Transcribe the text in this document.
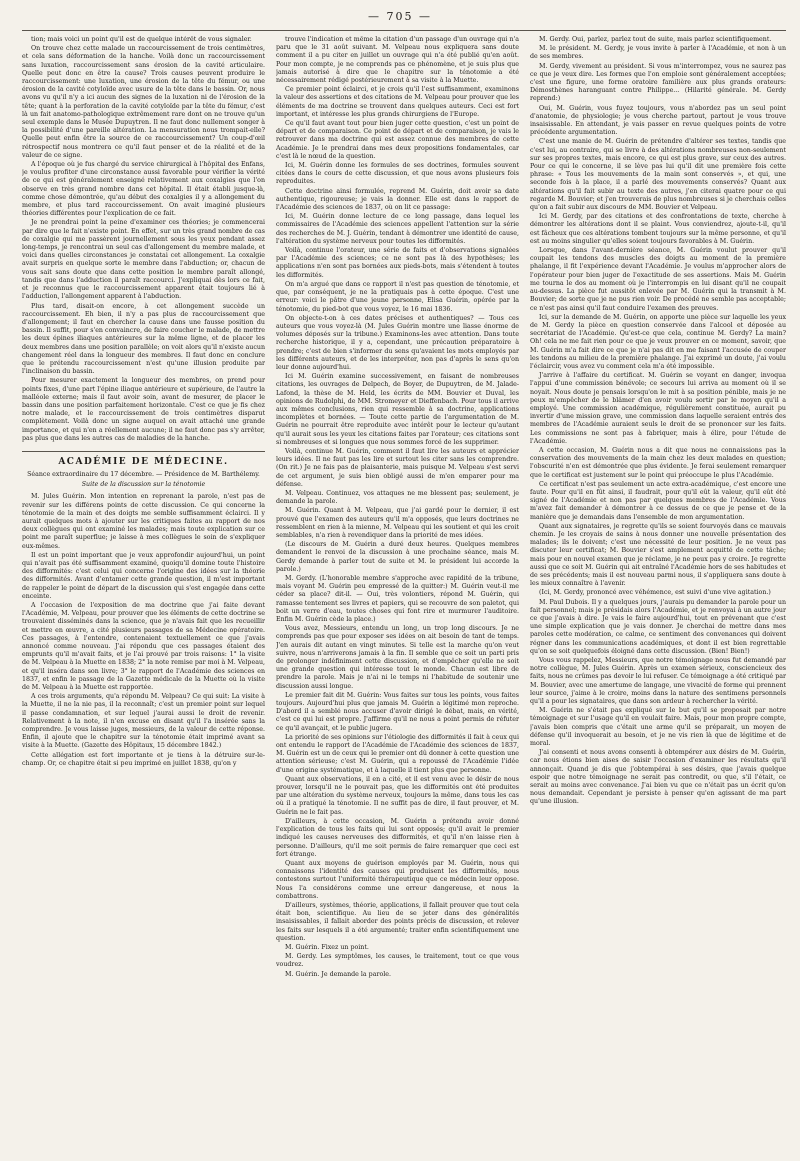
— 705 —

tion; mais voici un point qu'il est de quelque intérêt de vous signaler.

On trouve chez cette malade un raccourcissement de trois centimètres, et cela sans déformation de la hanche. Voilà donc un raccourcissement sans luxation, raccourcissement sans érosion de la cavité articulaire. Quelle peut donc en être la cause? Trois causes peuvent produire le raccourcissement: une luxation, une érosion de la tête du fémur, ou une érosion de la cavité cotyloïde avec usure de la tête dans le bassin. Or, nous avons vu qu'il n'y a ici aucun des signes de la luxation ni de l'érosion de la tête; quant à la perforation de la cavité cotyloïde par la tête du fémur, c'est là un fait anatomo-pathologique extrêmement rare dont on ne trouve qu'un seul exemple dans le Musée Dupuytren. Il ne faut donc nullement songer à la possibilité d'une pareille altération. La mensuration nous trompait-elle? Quelle peut enfin être la source de ce raccourcissement? Un coup-d'œil rétrospectif nous montrera ce qu'il faut penser et de la réalité et de la valeur de ce signe.

A l'époque où je fus chargé du service chirurgical à l'hôpital des Enfans, je voulus profiter d'une circonstance aussi favorable pour vérifier la vérité de ce qui est généralement enseigné relativement aux coxalgies que l'on observe en très grand nombre dans cet hôpital. Il était établi jusque-là, comme chose démontrée, qu'au début des coxalgies il y a allongement du membre, et plus tard raccourcissement. On avait imaginé plusieurs théories différentes pour l'explication de ce fait.

Je ne prendrai point la peine d'examiner ces théories; je commencerai par dire que le fait n'existe point. En effet, sur un très grand nombre de cas de coxalgie qui me passèrent journellement sous les yeux pendant assez long-temps, je rencontrai un seul cas d'allongement du membre malade, et voici dans quelles circonstances je constatai cet allongement. La coxalgie avait surpris en quelque sorte le membre dans l'abduction; or, chacun de vous sait sans doute que dans cette position le membre paraît allongé, tandis que dans l'adduction il paraît raccourci. J'expliquai dès lors ce fait, et je reconnus que le raccourcissement apparent était toujours lié à l'adduction, l'allongement apparent à l'abduction.

Plus tard, disait-on encore, à cet allongement succède un raccourcissement. Eh bien, il n'y a pas plus de raccourcissement que d'allongement; il faut en chercher la cause dans une fausse position du bassin. Il suffit, pour s'en convaincre, de faire coucher le malade, de mettre les deux épines iliaques antérieures sur la même ligne, et de placer les deux membres dans une position parallèle; on voit alors qu'il n'existe aucun changement réel dans la longueur des membres. Il faut donc en conclure que le prétendu raccourcissement n'est qu'une illusion produite par l'inclinaison du bassin.

Pour mesurer exactement la longueur des membres, on prend pour points fixes, d'une part l'épine iliaque antérieure et supérieure, de l'autre la malléole externe; mais il faut avoir soin, avant de mesurer, de placer le bassin dans une position parfaitement horizontale. C'est ce que je fis chez notre malade, et le raccourcissement de trois centimètres disparut complètement. Voilà donc un signe auquel on avait attaché une grande importance, et qui n'en a réellement aucune; il ne faut donc pas s'y arrêter, pas plus que dans les autres cas de maladies de la hanche.

ACADÉMIE DE MÉDECINE.
Séance extraordinaire du 17 décembre. — Présidence de M. Barthélemy.
Suite de la discussion sur la ténotomie

M. Jules Guérin. Mon intention en reprenant la parole, n'est pas de revenir sur les différens points de cette discussion. Ce qui concerne la ténotomie de la main et des doigts me semble suffisamment éclairci. Il y aurait quelques mots à ajouter sur les critiques faites au rapport de nos deux collègues qui ont examiné les malades; mais toute explication sur ce point me paraît superflue; je laisse à mes collègues le soin de s'expliquer eux-mêmes.

Il est un point important que je veux approfondir aujourd'hui, un point qui n'avait pas été suffisamment examiné, quoiqu'il domine toute l'histoire des difformités: c'est celui qui concerne l'origine des idées sur la théorie des difformités. Avant d'entamer cette grande question, il m'est important de rappeler le point de départ de la discussion qui s'est engagée dans cette enceinte.

A l'occasion de l'exposition de ma doctrine que j'ai faite devant l'Académie, M. Velpeau, pour prouver que les éléments de cette doctrine se trouvaient disséminés dans la science, que je n'avais fait que les recueillir et mettre en œuvre, a cité plusieurs passages de sa Médecine opératoire. Ces passages, à l'entendre, contenaient textuellement ce que j'avais annoncé comme nouveau. J'ai répondu que ces passages étaient des emprunts qu'il m'avait faits, et je l'ai prouvé par trois raisons: 1° la visite de M. Velpeau à la Muette en 1838; 2° la note remise par moi à M. Velpeau, et qu'il inséra dans son livre; 3° le rapport de l'Académie des sciences en 1837, et enfin le passage de la Gazette médicale de la Muette où la visite de M. Velpeau à la Muette est rapportée.

A ces trois arguments, qu'a répondu M. Velpeau? Ce qui suit: La visite à la Muette, il ne la nie pas, il la reconnaît; c'est un premier point sur lequel il passe condamnation, et sur lequel j'aurai aussi le droit de revenir. Relativement à la note, il n'en excuse en disant qu'il l'a insérée sans la comprendre. Je vous laisse juges, messieurs, de la valeur de cette réponse. Enfin, il ajoute que le chapitre sur la ténotomie était imprimé avant sa visite à la Muette. (Gazette des Hôpitaux, 15 décembre 1842.)

Cette allégation est fort importante et je tiens à la détruire sur-le-champ. Or, ce chapitre était si peu imprimé en juillet 1838, qu'on y

trouve l'indication et même la citation d'un passage d'un ouvrage qui n'a paru que le 31 août suivant. M. Velpeau nous expliquera sans doute comment il a pu citer en juillet un ouvrage qui n'a été publié qu'en août. Pour mon compte, je ne comprends pas ce phénomène, et je suis plus que jamais autorisé à dire que le chapitre sur la ténotomie a été nécessairement rédigé postérieurement à sa visite à la Muette.

Ce premier point éclairci, et je crois qu'il l'est suffisamment, examinons la valeur des assertions et des citations de M. Velpeau pour prouver que les éléments de ma doctrine se trouvent dans quelques auteurs. Ceci est fort important, et intéresse les plus grands chirurgiens de l'Europe.

Ce qu'il faut avant tout pour bien juger cette question, c'est un point de départ et de comparaison. Ce point de départ et de comparaison, je vais le retrouver dans ma doctrine qui est assez connue des membres de cette Académie. Je le prendrai dans mes deux propositions fondamentales, car c'est là le nœud de la question.

Ici, M. Guérin donne les formules de ses doctrines, formules souvent citées dans le cours de cette discussion, et que nous avons plusieurs fois reproduites.

Cette doctrine ainsi formulée, reprend M. Guérin, doit avoir sa date authentique, rigoureuse; je vais la donner. Elle est dans le rapport de l'Académie des sciences de 1837, où on lit ce passage:

Ici, M. Guérin donne lecture de ce long passage, dans lequel les commissaires de l'Académie des sciences appellent l'attention sur la série des recherches de M. J. Guérin, tendant à démontrer une identité de cause, l'altération du système nerveux pour toutes les difformités.

Voilà, continue l'orateur, une série de faits et d'observations signalées par l'Académie des sciences; ce ne sont pas là des hypothèses; les applications n'en sont pas bornées aux pieds-bots, mais s'étendent à toutes les difformités.

On m'a argué que dans ce rapport il n'est pas question de ténotomie, et que, par conséquent, je ne la pratiquais pas à cette époque. C'est une erreur: voici le pâtre d'une jeune personne, Elisa Guérin, opérée par la ténotomie, du pied-bot que vous voyez, le 16 mai 1836.

On objecte-t-on à ces dates précises et authentiques? — Tous ces auteurs que vous voyez-là (M. Jules Guérin montre une liasse énorme de volumes déposés sur la tribune.) Examinons-les avec attention. Dans toute recherche historique, il y a, cependant, une précaution préparatoire à prendre; c'est de bien s'informer du sens qu'avaient les mots employés par les différents auteurs, et de les interpréter, non pas d'après le sens qu'on leur donne aujourd'hui.

Ici M. Guérin examine successivement, en faisant de nombreuses citations, les ouvrages de Delpech, de Boyer, de Dupuytren, de M. Jalade-Lafond, la thèse de M. Held, les écrits de MM. Bouvier et Duval, les opinions de Rudolphi, de MM. Stromeyer et Dieffenbach. Pour tous il arrive aux mêmes conclusions, rien qui ressemble à sa doctrine, applications incomplètes et bornées. — Toute cette partie de l'argumentation de M. Guérin ne pourrait être reproduite avec intérêt pour le lecteur qu'autant qu'il aurait sous les yeux les citations faites par l'orateur; ces citations sont si nombreuses et si longues que nous sommes forcé de les supprimer.

Voilà, continue M. Guérin, comment il faut lire les auteurs et apprécier leurs idées. Il ne faut pas les lire et surtout les citer sans les comprendre. (On rit.) Je ne fais pas de plaisanterie, mais puisque M. Velpeau s'est servi de cet argument, je suis bien obligé aussi de m'en emparer pour ma défense.

M. Velpeau. Continuez, vos attaques ne me blessent pas; seulement, je demande la parole.

M. Guérin. Quant à M. Velpeau, que j'ai gardé pour le dernier, il est prouvé que l'examen des auteurs qu'il m'a opposés, que leurs doctrines ne ressemblent en rien à la mienne, M. Velpeau qui les soutient et qui les croit semblables, n'a rien à revendiquer dans la priorité de mes idées.

(Le discours de M. Guérin a duré deux heures. Quelques membres demandent le renvoi de la discussion à une prochaine séance, mais M. Gerdy demande à parler tout de suite et M. le président lui accorde la parole.)

M. Gerdy. (L'honorable membre s'approche avec rapidité de la tribune, mais voyant M. Guérin peu empressé de la quitter:) M. Guérin veut-il me céder sa place? dit-il. — Oui, très volontiers, répond M. Guérin, qui ramasse tentement ses livres et papiers, qui se recouvre de son paletot, qui boit un verre d'eau, toutes choses qui font rire et murmurer l'auditoire. Enfin M. Guérin cède la place.)

Vous avez, Messieurs, entendu un long, un trop long discours. Je ne comprends pas que pour exposer ses idées on ait besoin de tant de temps. J'en aurais dit autant en vingt minutes. Si telle est la marche qu'on veut suivre, nous n'arriverons jamais à la fin. Il semble que ce soit un parti pris de prolonger indéfiniment cette discussion, et d'empêcher qu'elle ne soit une grande question qui intéresse tout le monde. Chacun est libre de prendre la parole. Mais je n'ai ni le temps ni l'habitude de soutenir une discussion aussi longue.

Le premier fait dit M. Guérin: Vous faites sur tous les points, vous faites toujours. Aujourd'hui plus que jamais M. Guérin a légitimé mon reproche. D'abord il a semblé nous accuser d'avoir dirigé le débat, mais, en vérité, c'est ce qui lui est propre. J'affirme qu'il ne nous a point permis de réfuter ce qu'il avançait, et le public jugera.

La priorité de ses opinions sur l'étiologie des difformités il fait à ceux qui ont entendu le rapport de l'Académie de l'Académie des sciences de 1837, M. Guérin est un de ceux qui le premier ont dû donner à cette question une attention sérieuse; c'est M. Guérin, qui a repoussé de l'Académie l'idée d'une origine systématique, et à laquelle il tient plus que personne.

Quant aux observations, il en a cité, et il est venu avec le désir de nous prouver, lorsqu'il ne le pouvait pas, que les difformités ont été produites par une altération du système nerveux, toujours la même, dans tous les cas où il a pratiqué la ténotomie. Il ne suffit pas de dire, il faut prouver, et M. Guérin ne le fait pas.

D'ailleurs, à cette occasion, M. Guérin a prétendu avoir donné l'explication de tous les faits qui lui sont opposés; qu'il avait le premier indiqué les causes nerveuses des difformités, et qu'il n'en laisse rien à personne. D'ailleurs, qu'il me soit permis de faire remarquer que ceci est fort étrange.

Quant aux moyens de guérison employés par M. Guérin, nous qui connaissons l'identité des causes qui produisent les difformités, nous contestons surtout l'uniformité thérapeutique que ce médecin leur oppose. Nous l'a considérons comme une erreur dangereuse, et nous la combattrons.

D'ailleurs, systèmes, théorie, applications, il fallait prouver que tout cela était bon, scientifique. Au lieu de se jeter dans des généralités insaisissables, il fallait aborder des points précis de discussion, et relever les faits sur lesquels il a été argumenté; traiter enfin scientifiquement une question.

M. Guérin. Fixez un point.

M. Gerdy. Les symptômes, les causes, le traitement, tout ce que vous voudrez.

M. Guérin. Je demande la parole.

M. Gerdy. Oui, parlez, parlez tout de suite, mais parlez scientifiquement.

M. le président. M. Gerdy, je vous invite à parler à l'Académie, et non à un de ses membres.

M. Gerdy, vivement au président. Si vous m'interrompez, vous ne saurez pas ce que je veux dire. Les formes que l'on emploie sont généralement acceptées; c'est une figure, une forme oratoire familière aux plus grands orateurs: Démosthènes haranguant contre Philippe... (Hilarité générale. M. Gerdy reprend:)

Oui, M. Guérin, vous fuyez toujours, vous n'abordez pas un seul point d'anatomie, de physiologie; je vous cherche partout, partout je vous trouve insaisissable. En attendant, je vais passer en revue quelques points de votre précédente argumentation.

C'est une manie de M. Guérin de prétendre d'altérer ses textes, tandis que c'est lui, au contraire, qui se livre à des altérations nombreuses non-seulement sur ses propres textes, mais encore, ce qui est plus grave, sur ceux des autres. Pour ce qui le concerne, il se lève pas lui qu'il dit une première fois cette phrase: « Tous les mouvements de la main sont conservés », et qui, une seconde fois à la place, il a parlé des mouvements conservés? Quant aux altérations qu'il fait subir au texte des autres, j'en citerai quatre pour ce qui regarde M. Bouvier; et j'en trouverais de plus nombreuses si je cherchais celles qu'on a fait subir aux discours de MM. Bouvier et Velpeau.

Ici M. Gerdy, par des citations et des confrontations de texte, cherche à démontrer les altérations dont il se plaint. Vous conviendrez, ajoute-t-il, qu'il est fâcheux que ces altérations tombent toujours sur la même personne, et qu'il est au moins singulier qu'elles soient toujours favorables à M. Guérin.

Lorsque, dans l'avant-dernière séance, M. Guérin voulut prouver qu'il coupait les tendons des muscles des doigts au moment de la première phalange, il fit l'expérience devant l'Académie. Je voulus m'approcher alors de l'opérateur pour bien juger de l'exactitude de ses assertions. Mais M. Guérin me tourna le dos au moment où je l'interrompis en lui disant qu'il ne coupait au-dessus. La pièce fut aussitôt enlevée par M. Guérin qui la transmit à M. Bouvier; de sorte que je ne pus rien voir. De procédé ne semble pas acceptable; ce n'est pas ainsi qu'il faut conduire l'examen des preuves.

Ici, sur la demande de M. Guérin, on apporte une pièce sur laquelle les yeux de M. Gerdy la pièce en question conservée dans l'alcool et déposée au secrétariat de l'Académie. Qu'est-ce que cela, continue M. Gerdy? La main? Oh! cela ne me fait rien pour ce que je veux prouver en ce moment, savoir, que M. Guérin m'a fait dire ce que je n'ai pas dit en me faisant l'accusée de couper les tendons au milieu de la première phalange. J'ai exprimé un doute, j'ai voulu l'éclaircir, vous avez vu comment cela m'a été impossible.

J'arrive à l'affaire du certificat. M. Guérin se voyant en danger, invoqua l'appui d'une commission bénévole; ce secours lui arriva au moment où il se noyait. Nous doute je pensais lorsqu'on le mit à sa position pénible, mais je ne peux m'empêcher de le blâmer d'en avoir voulu sortir par le moyen qu'il a employé. Une commission académique, régulièrement constituée, aurait pu invertir d'une mission grave, une commission dans laquelle seraient entrés des membres de l'Académie auraient seuls le droit de se prononcer sur les faits. Les commissions ne sont pas à fabriquer, mais à élire, pour l'étude de l'Académie.

A cette occasion, M. Guérin nous a dit que nous ne connaissions pas la conservation des mouvements de la main chez les deux malades en question; l'obscurité n'en est démontrée que plus évidente. Je ferai seulement remarquer que le certificat est justement sur le point qui préoccupe le plus l'Académie.

Ce certificat n'est pas seulement un acte extra-académique, c'est encore une faute. Pour qu'il en fût ainsi, il faudrait, pour qu'il eût la valeur, qu'il eût été signé de l'Académie et non pas par quelques membres de l'Académie. Vous m'avez fait demander à démontrer à ce dessus de ce que je pense et de la manière que je demandais dans l'ensemble de mon argumentation.

Quant aux signataires, je regrette qu'ils se soient fourvoyés dans ce mauvais chemin. Je les croyais de sains à nous donner une nouvelle présentation des malades; ils le doivent; c'est une nécessité de leur position. Je ne veux pas discuter leur certificat; M. Bouvier s'est amplement acquitté de cette tâche; mais pour en nouvel examen que je réclame, je ne peux pas y croire. Je regrette aussi que ce soit M. Guérin qui ait entraîné l'Académie hors de ses habitudes et de ses précédents; mais il est nouveau parmi nous, il s'appliquera sans doute à les mieux connaître à l'avenir.

(Ici, M. Gerdy, prononcé avec véhémence, est suivi d'une vive agitation.)

M. Paul Dubois. Il y a quelques jours, j'aurais pu demander la parole pour un fait personnel; mais je présidais alors l'Académie, et je renvoyai à un autre jour ce que j'avais à dire. Je vais le faire aujourd'hui, tout en prévenant que c'est une simple explication que je vais donner. Je cherchai de mettre dans mes paroles cette modération, ce calme, ce sentiment des convenances qui doivent régner dans les communications académiques, et dont il est bien regrettable qu'on se soit quelquefois éloigné dans cette discussion. (Bien! Bien!)

Vous vous rappelez, Messieurs, que notre témoignage nous fut demandé par notre collègue, M. Jules Guérin. Après un examen sérieux, consciencieux des faits, nous ne crûmes pas devoir le lui refuser. Ce témoignage a été critiqué par M. Bouvier, avec une amertume de langage, une vivacité de forme qui prennent leur source, j'aime à le croire, moins dans la nature des sentimens personnels qu'il a pour les signataires, que dans son ardeur à rechercher la vérité.

M. Guérin ne s'était pas expliqué sur le but qu'il se proposait par notre témoignage et sur l'usage qu'il en voulait faire. Mais, pour mon propre compte, j'avais bien compris que c'était une arme qu'il se préparait, un moyen de défense qu'il invoquerait au besoin, et je ne vis rien là que de légitime et de moral.

J'ai consenti et nous avons consenti à obtempérer aux désirs de M. Guérin, car nous étions bien aises de saisir l'occasion d'examiner les résultats qu'il annonçait. Quand je dis que j'obtempérai à ses désirs, que j'avais quelque espoir que notre témoignage ne serait pas contredit, ou que, s'il l'était, ce serait au moins avec convenance. J'ai bien vu que ce n'était pas un écrit qu'on nous demandait. Cependant je persiste à penser qu'en agissant de ma part qu'une illusion.
